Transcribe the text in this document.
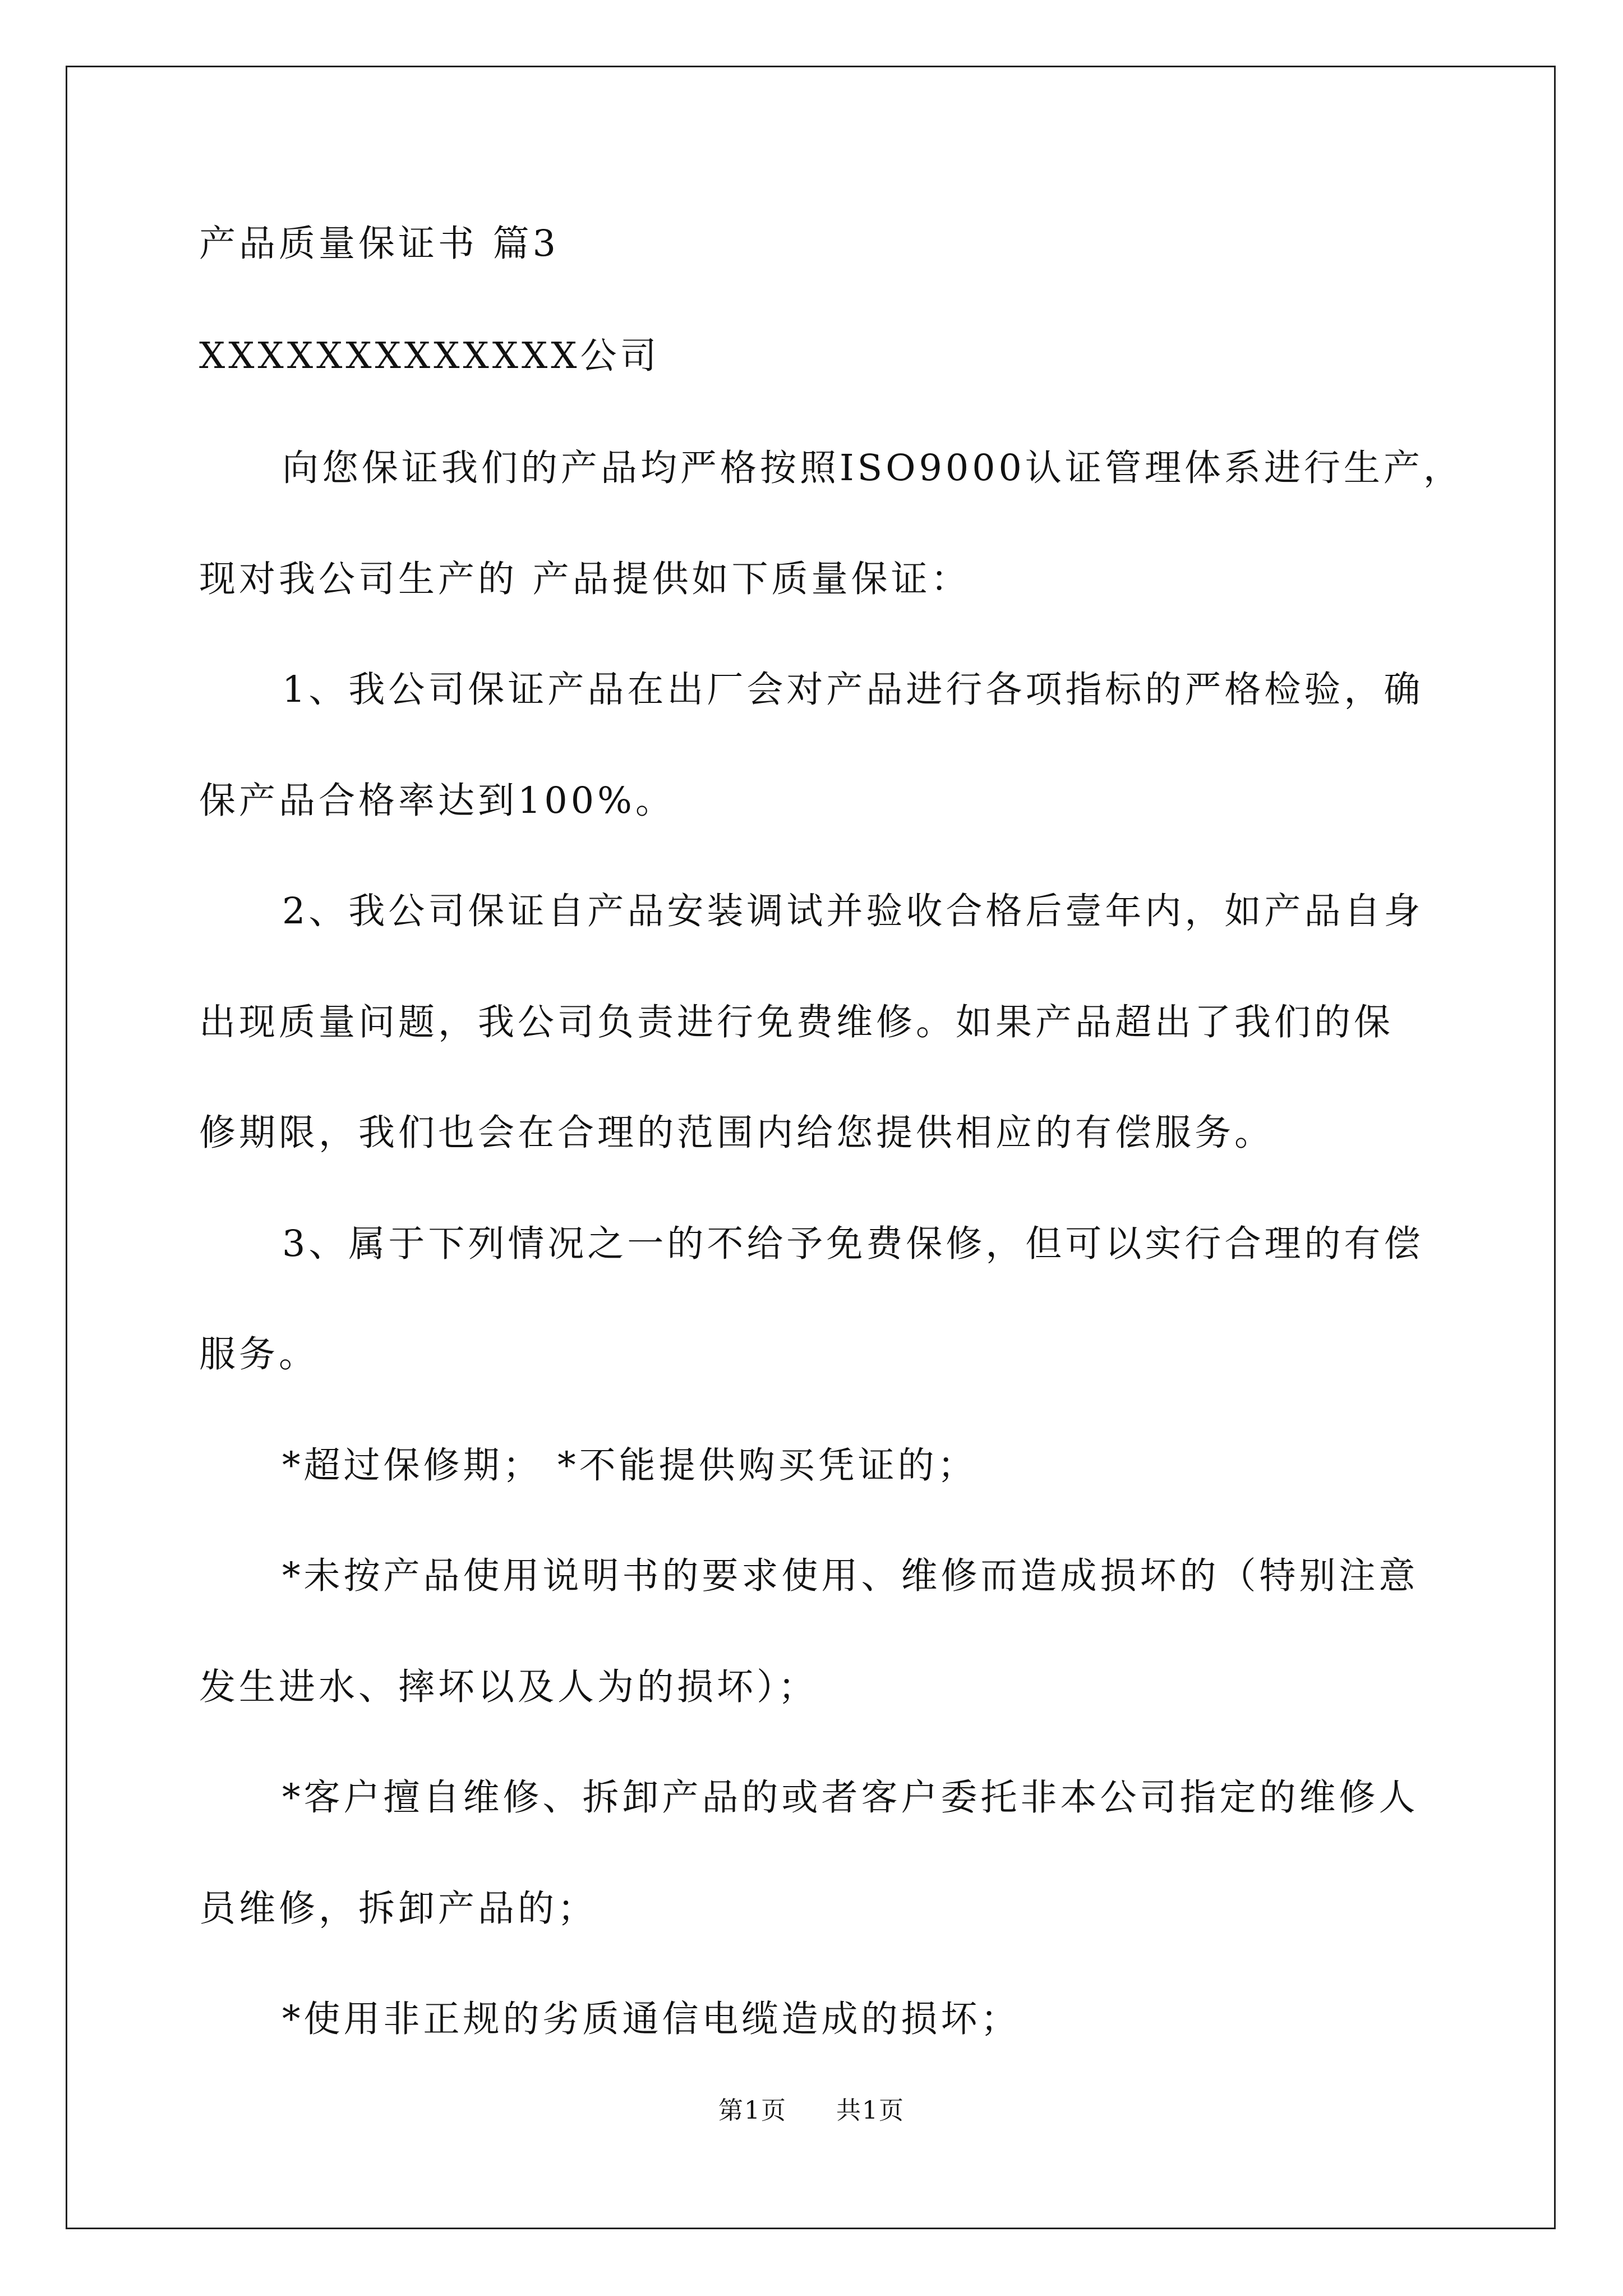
产品质量保证书 篇3
XXXXXXXXXXXXX公司
向您保证我们的产品均严格按照ISO9000认证管理体系进行生产，
现对我公司生产的 产品提供如下质量保证：
1、我公司保证产品在出厂会对产品进行各项指标的严格检验，确
保产品合格率达到100%。
2、我公司保证自产品安装调试并验收合格后壹年内，如产品自身
出现质量问题，我公司负责进行免费维修。如果产品超出了我们的保
修期限，我们也会在合理的范围内给您提供相应的有偿服务。
3、属于下列情况之一的不给予免费保修，但可以实行合理的有偿
服务。
*超过保修期； *不能提供购买凭证的；
*未按产品使用说明书的要求使用、维修而造成损坏的（特别注意
发生进水、摔坏以及人为的损坏）；
*客户擅自维修、拆卸产品的或者客户委托非本公司指定的维修人
员维修，拆卸产品的；
*使用非正规的劣质通信电缆造成的损坏；
第1页 共1页
